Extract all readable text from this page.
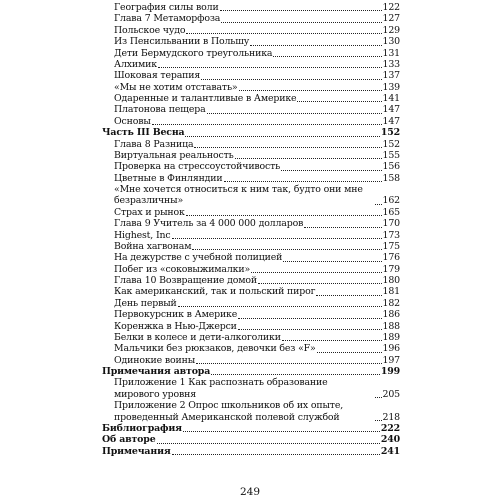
География силы воли	122
Глава 7 Метаморфоза	127
Польское чудо	129
Из Пенсильвании в Польшу	130
Дети Бермудского треугольника	131
Алхимик	133
Шоковая терапия	137
«Мы не хотим отставать»	139
Одаренные и талантливые в Америке	141
Платонова пещера	147
Основы	147
Часть III Весна	152
Глава 8 Разница	152
Виртуальная реальность	155
Проверка на стрессоустойчивость	156
Цветные в Финляндии	158
«Мне хочется относиться к ним так, будто они мне безразличны»	162
Страх и рынок	165
Глава 9 Учитель за 4 000 000 долларов	170
Highest, Inc	173
Война хагвонам	175
На дежурстве с учебной полицией	176
Побег из «соковыжималки»	179
Глава 10 Возвращение домой	180
Как американский, так и польский пирог	181
День первый	182
Первокурсник в Америке	186
Коренжка в Нью-Джерси	188
Белки в колесе и дети-алкоголики	189
Мальчики без рюкзаков, девочки без «F»	196
Одинокие воины	197
Примечания автора	199
Приложение 1 Как распознать образование мирового уровня	205
Приложение 2 Опрос школьников об их опыте, проведенный Американской полевой службой	218
Библиография	222
Об авторе	240
Примечания	241
249
